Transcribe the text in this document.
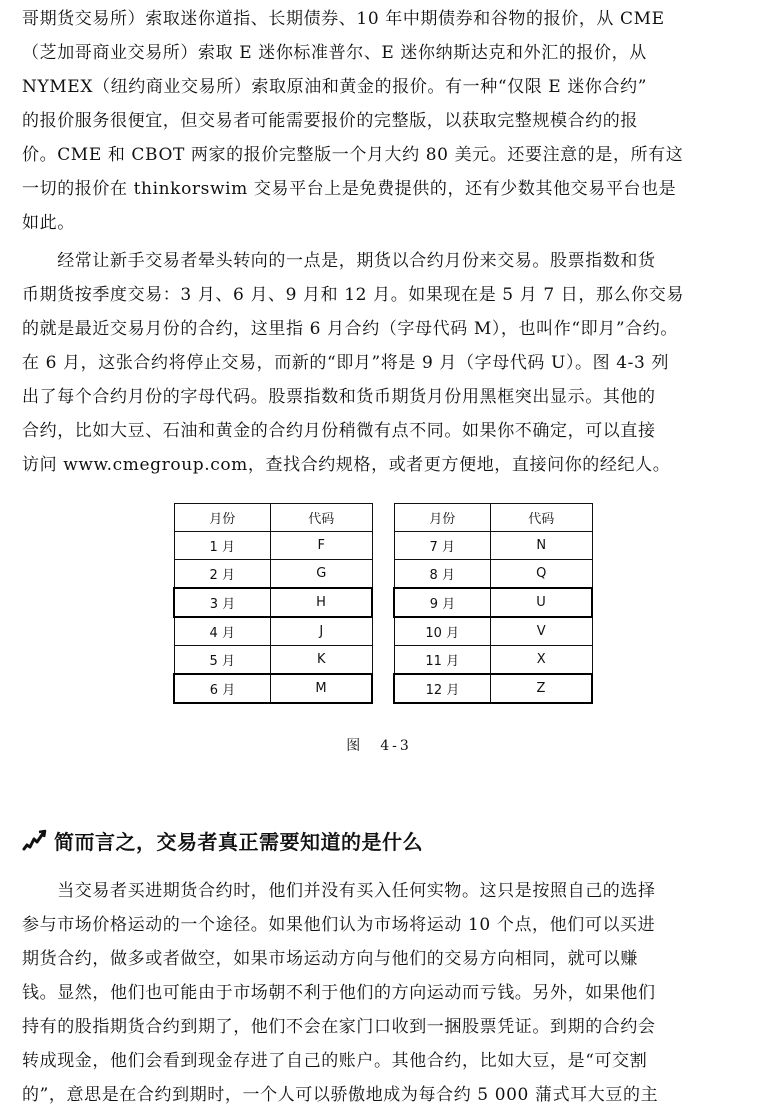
哥期货交易所）索取迷你道指、长期债券、10 年中期债券和谷物的报价，从 CME
（芝加哥商业交易所）索取 E 迷你标准普尔、E 迷你纳斯达克和外汇的报价，从
NYMEX（纽约商业交易所）索取原油和黄金的报价。有一种“仅限 E 迷你合约”
的报价服务很便宜，但交易者可能需要报价的完整版，以获取完整规模合约的报
价。CME 和 CBOT 两家的报价完整版一个月大约 80 美元。还要注意的是，所有这
一切的报价在 thinkorswim 交易平台上是免费提供的，还有少数其他交易平台也是
如此。

　　经常让新手交易者晕头转向的一点是，期货以合约月份来交易。股票指数和货
币期货按季度交易：3 月、6 月、9 月和 12 月。如果现在是 5 月 7 日，那么你交易
的就是最近交易月份的合约，这里指 6 月合约（字母代码 M），也叫作“即月”合约。
在 6 月，这张合约将停止交易，而新的“即月”将是 9 月（字母代码 U）。图 4-3 列
出了每个合约月份的字母代码。股票指数和货币期货月份用黑框突出显示。其他的
合约，比如大豆、石油和黄金的合约月份稍微有点不同。如果你不确定，可以直接
访问 www.cmegroup.com，查找合约规格，或者更方便地，直接问你的经纪人。

月份	代码		月份	代码
1 月	F		7 月	N
2 月	G		8 月	Q
3 月	H		9 月	U
4 月	J		10 月	V
5 月	K		11 月	X
6 月	M		12 月	Z
图　4-3
简而言之，交易者真正需要知道的是什么

　　当交易者买进期货合约时，他们并没有买入任何实物。这只是按照自己的选择
参与市场价格运动的一个途径。如果他们认为市场将运动 10 个点，他们可以买进
期货合约，做多或者做空，如果市场运动方向与他们的交易方向相同，就可以赚
钱。显然，他们也可能由于市场朝不利于他们的方向运动而亏钱。另外，如果他们
持有的股指期货合约到期了，他们不会在家门口收到一捆股票凭证。到期的合约会
转成现金，他们会看到现金存进了自己的账户。其他合约，比如大豆，是“可交割
的”，意思是在合约到期时，一个人可以骄傲地成为每合约 5 000 蒲式耳大豆的主
